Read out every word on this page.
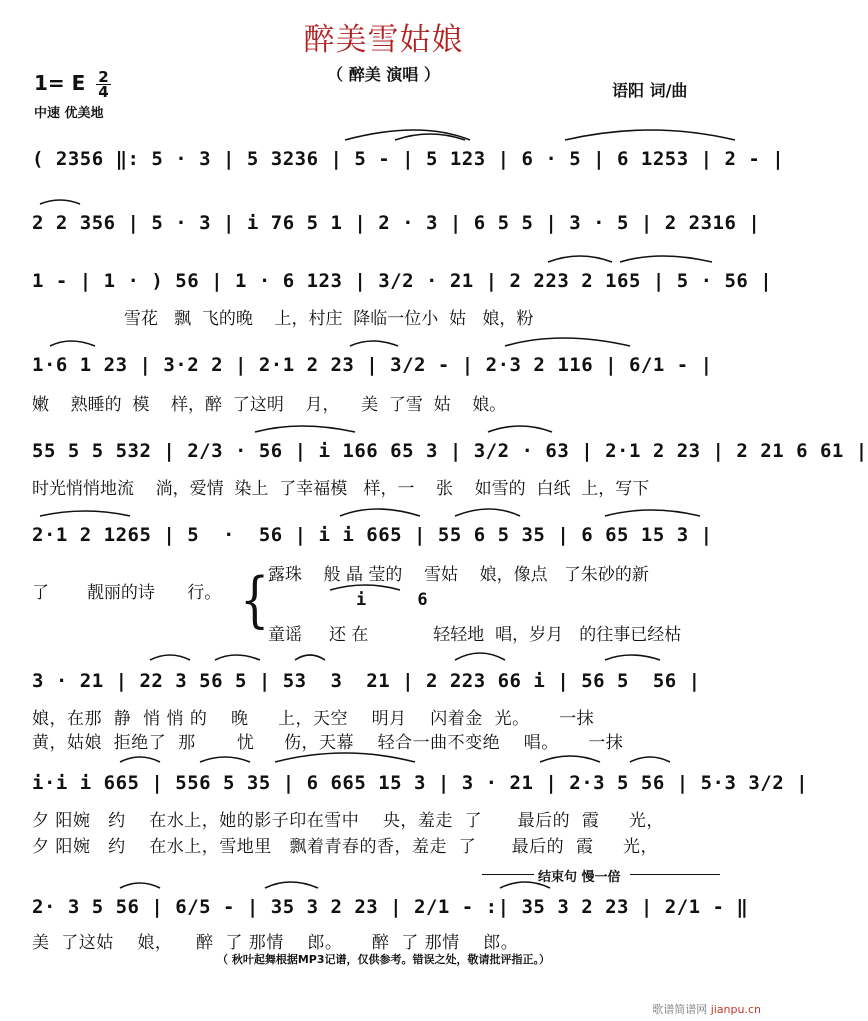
醉美雪姑娘
（ 醉美 演唱 ）
1= E $\frac{2}{4}$
中速 优美地
语阳 词/曲
( 2356 ‖: 5 · 3 | 5 3236 | 5 - | 5 123 | 6 · 5 | 6 1253 | 2 - |
2 2 356 | 5 · 3 | i 76 5 1 | 2 · 3 | 6 5 5 | 3 · 5 | 2 2316 |
1 - | 1 · ) 56 | 1 · 6 123 | 3/2 · 21 | 2 223 2 165 | 5 · 56 |
雪花   飘  飞的晚    上，村庄  降临一位小  姑   娘，粉
1·6 1 23 | 3·2 2 | 2·1 2 23 | 3/2 - | 2·3 2 116 | 6/1 - |
嫩    熟睡的  模    样，醉  了这明    月，    美  了雪  姑    娘。
55 5 5 532 | 2/3 · 56 | i 166 65 3 | 3/2 · 63 | 2·1 2 23 | 2 21 6 61 |
时光悄悄地流    淌，爱情  染上  了幸福模   样，一    张    如雪的  白纸  上，写下
2·1 2 1265 | 5  ·  56 | i i 665 | 55 6 5 35 | 6 65 15 3 |
了       靓丽的诗      行。 {
露珠    般 晶 莹的    雪姑    娘，像点   了朱砂的新
i     6
童谣     还 在            轻轻地  唱，岁月   的往事已经枯
3 · 21 | 22 3 56 5 | 53  3  21 | 2 223 66 i | 56 5  56 |
娘，在那  静  悄 悄 的    晚     上，天空    明月    闪着金  光。     一抹
黄，姑娘  拒绝了  那       忧     伤，天幕    轻合一曲不变绝    唱。     一抹
i·i i 665 | 556 5 35 | 6 665 15 3 | 3 · 21 | 2·3 5 56 | 5·3 3/2 |
夕 阳婉   约    在水上，她的影子印在雪中    央，羞走  了      最后的  霞     光，
夕 阳婉   约    在水上，雪地里   飘着青春的香，羞走  了      最后的  霞     光，
结束句 慢一倍
2· 3 5 56 | 6/5 - | 35 3 2 23 | 2/1 - :| 35 3 2 23 | 2/1 - ‖
美  了这姑    娘，    醉  了 那情    郎。     醉  了 那情    郎。
（ 秋叶起舞根据MP3记谱，仅供参考。错误之处，敬请批评指正。）
歌谱简谱网 jianpu.cn
